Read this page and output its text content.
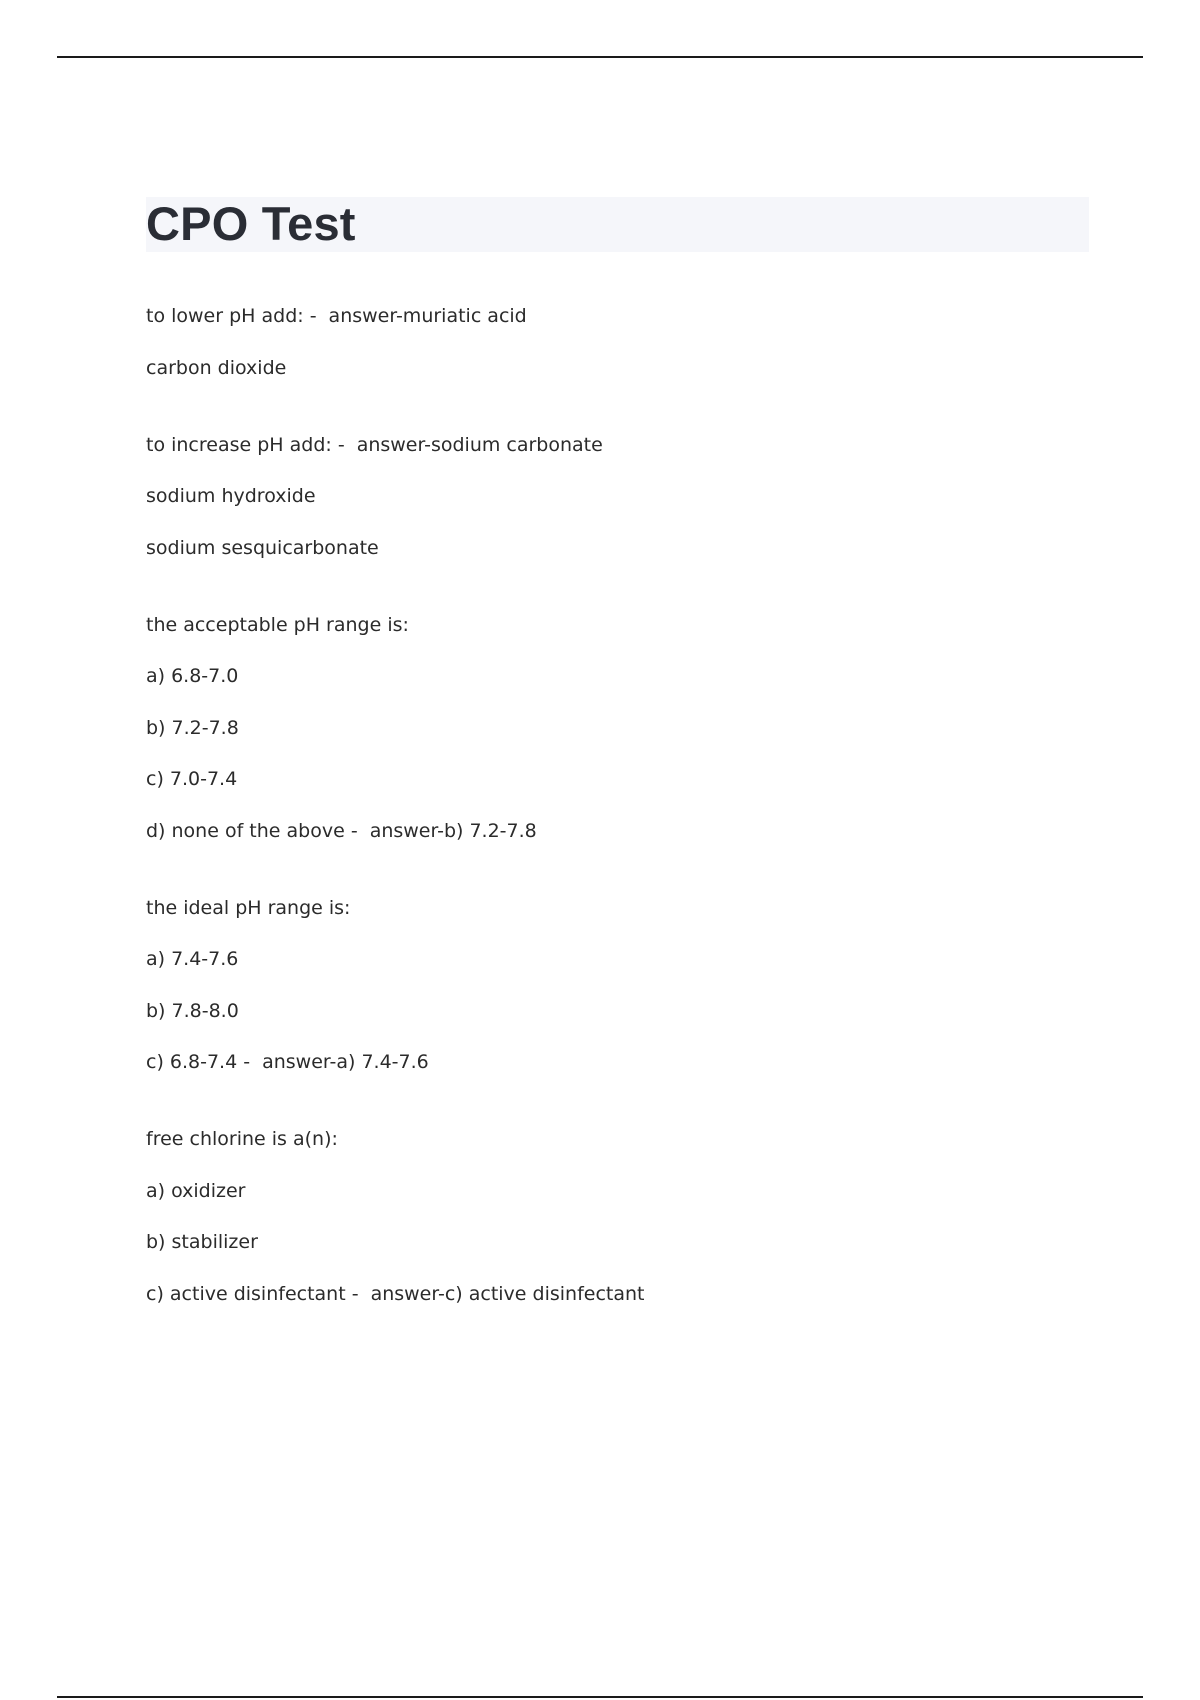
CPO Test
to lower pH add: - answer-muriatic acid
carbon dioxide
to increase pH add: - answer-sodium carbonate
sodium hydroxide
sodium sesquicarbonate
the acceptable pH range is:
a) 6.8-7.0
b) 7.2-7.8
c) 7.0-7.4
d) none of the above - answer-b) 7.2-7.8
the ideal pH range is:
a) 7.4-7.6
b) 7.8-8.0
c) 6.8-7.4 - answer-a) 7.4-7.6
free chlorine is a(n):
a) oxidizer
b) stabilizer
c) active disinfectant - answer-c) active disinfectant
